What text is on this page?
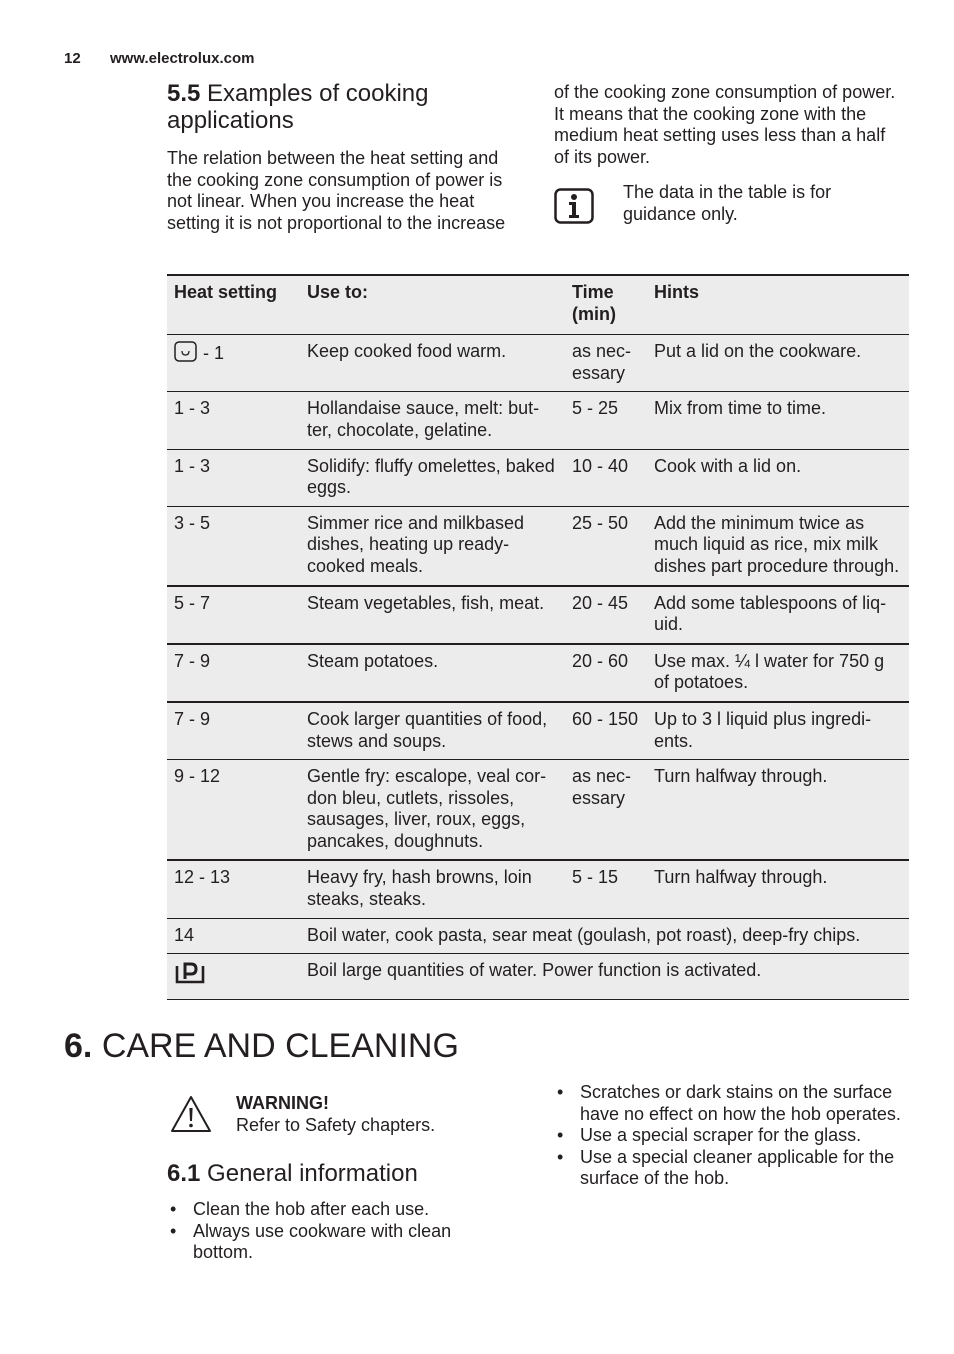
12 www.electrolux.com
5.5 Examples of cooking applications

The relation between the heat setting and the cooking zone consumption of power is not linear. When you increase the heat setting it is not proportional to the increase

of the cooking zone consumption of power. It means that the cooking zone with the medium heat setting uses less than a half of its power.

The data in the table is for guidance only.
Heat setting	Use to:	Time (min)	Hints
- 1	Keep cooked food warm.	as nec-essary	Put a lid on the cookware.
1 - 3	Hollandaise sauce, melt: but-ter, chocolate, gelatine.	5 - 25	Mix from time to time.
1 - 3	Solidify: fluffy omelettes, baked eggs.	10 - 40	Cook with a lid on.
3 - 5	Simmer rice and milkbased dishes, heating up ready-cooked meals.	25 - 50	Add the minimum twice as much liquid as rice, mix milk dishes part procedure through.
5 - 7	Steam vegetables, fish, meat.	20 - 45	Add some tablespoons of liq-uid.
7 - 9	Steam potatoes.	20 - 60	Use max. ¼ l water for 750 g of potatoes.
7 - 9	Cook larger quantities of food, stews and soups.	60 - 150	Up to 3 l liquid plus ingredi-ents.
9 - 12	Gentle fry: escalope, veal cor-don bleu, cutlets, rissoles, sausages, liver, roux, eggs, pancakes, doughnuts.	as nec-essary	Turn halfway through.
12 - 13	Heavy fry, hash browns, loin steaks, steaks.	5 - 15	Turn halfway through.
14	Boil water, cook pasta, sear meat (goulash, pot roast), deep-fry chips.		
	Boil large quantities of water. Power function is activated.		
6. CARE AND CLEANING
WARNING!
Refer to Safety chapters.
6.1 General information
• Clean the hob after each use.
• Always use cookware with clean bottom.
• Scratches or dark stains on the surface have no effect on how the hob operates.
• Use a special scraper for the glass.
• Use a special cleaner applicable for the surface of the hob.
